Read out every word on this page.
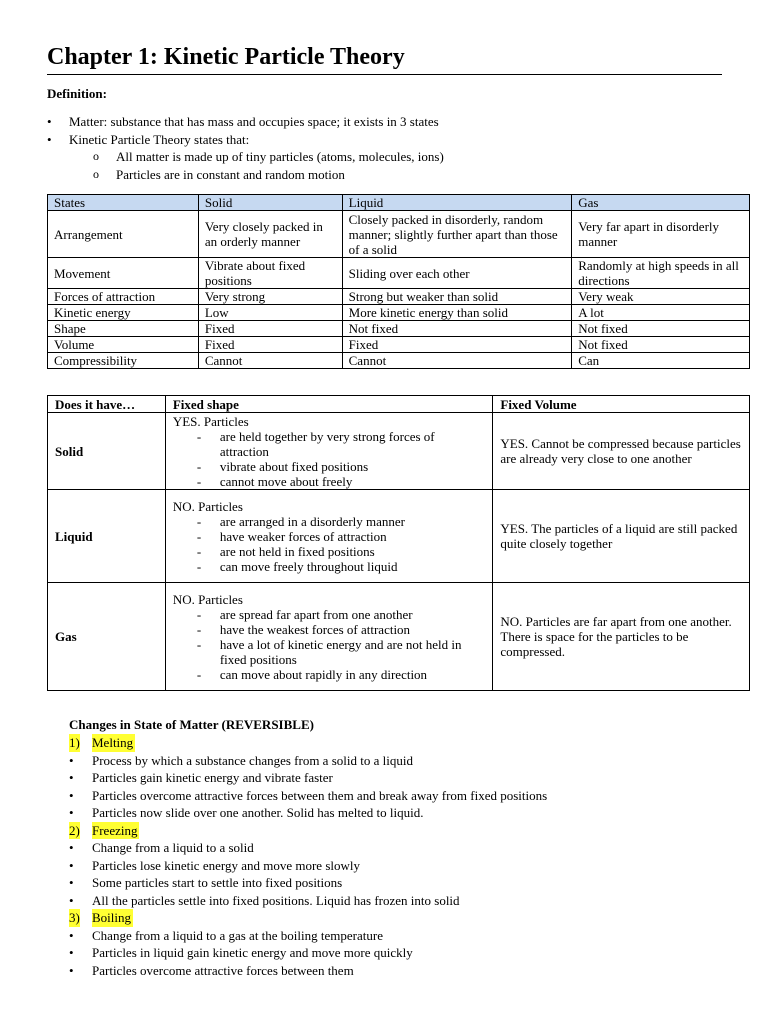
Chapter 1: Kinetic Particle Theory
Definition:
• Matter: substance that has mass and occupies space; it exists in 3 states
• Kinetic Particle Theory states that:
o All matter is made up of tiny particles (atoms, molecules, ions)
o Particles are in constant and random motion
States	Solid	Liquid	Gas
Arrangement	Very closely packed in an orderly manner	Closely packed in disorderly, random manner; slightly further apart than those of a solid	Very far apart in disorderly manner
Movement	Vibrate about fixed positions	Sliding over each other	Randomly at high speeds in all directions
Forces of attraction	Very strong	Strong but weaker than solid	Very weak
Kinetic energy	Low	More kinetic energy than solid	A lot
Shape	Fixed	Not fixed	Not fixed
Volume	Fixed	Fixed	Not fixed
Compressibility	Cannot	Cannot	Can
Does it have…	Fixed shape	Fixed Volume
Solid	YES. Particles
- are held together by very strong forces of attraction
- vibrate about fixed positions
- cannot move about freely	YES. Cannot be compressed because particles are already very close to one another
Liquid	NO. Particles
- are arranged in a disorderly manner
- have weaker forces of attraction
- are not held in fixed positions
- can move freely throughout liquid	YES. The particles of a liquid are still packed quite closely together
Gas	NO. Particles
- are spread far apart from one another
- have the weakest forces of attraction
- have a lot of kinetic energy and are not held in fixed positions
- can move about rapidly in any direction	NO. Particles are far apart from one another. There is space for the particles to be compressed.
Changes in State of Matter (REVERSIBLE)
1) Melting
• Process by which a substance changes from a solid to a liquid
• Particles gain kinetic energy and vibrate faster
• Particles overcome attractive forces between them and break away from fixed positions
• Particles now slide over one another. Solid has melted to liquid.
2) Freezing
• Change from a liquid to a solid
• Particles lose kinetic energy and move more slowly
• Some particles start to settle into fixed positions
• All the particles settle into fixed positions. Liquid has frozen into solid
3) Boiling
• Change from a liquid to a gas at the boiling temperature
• Particles in liquid gain kinetic energy and move more quickly
• Particles overcome attractive forces between them
